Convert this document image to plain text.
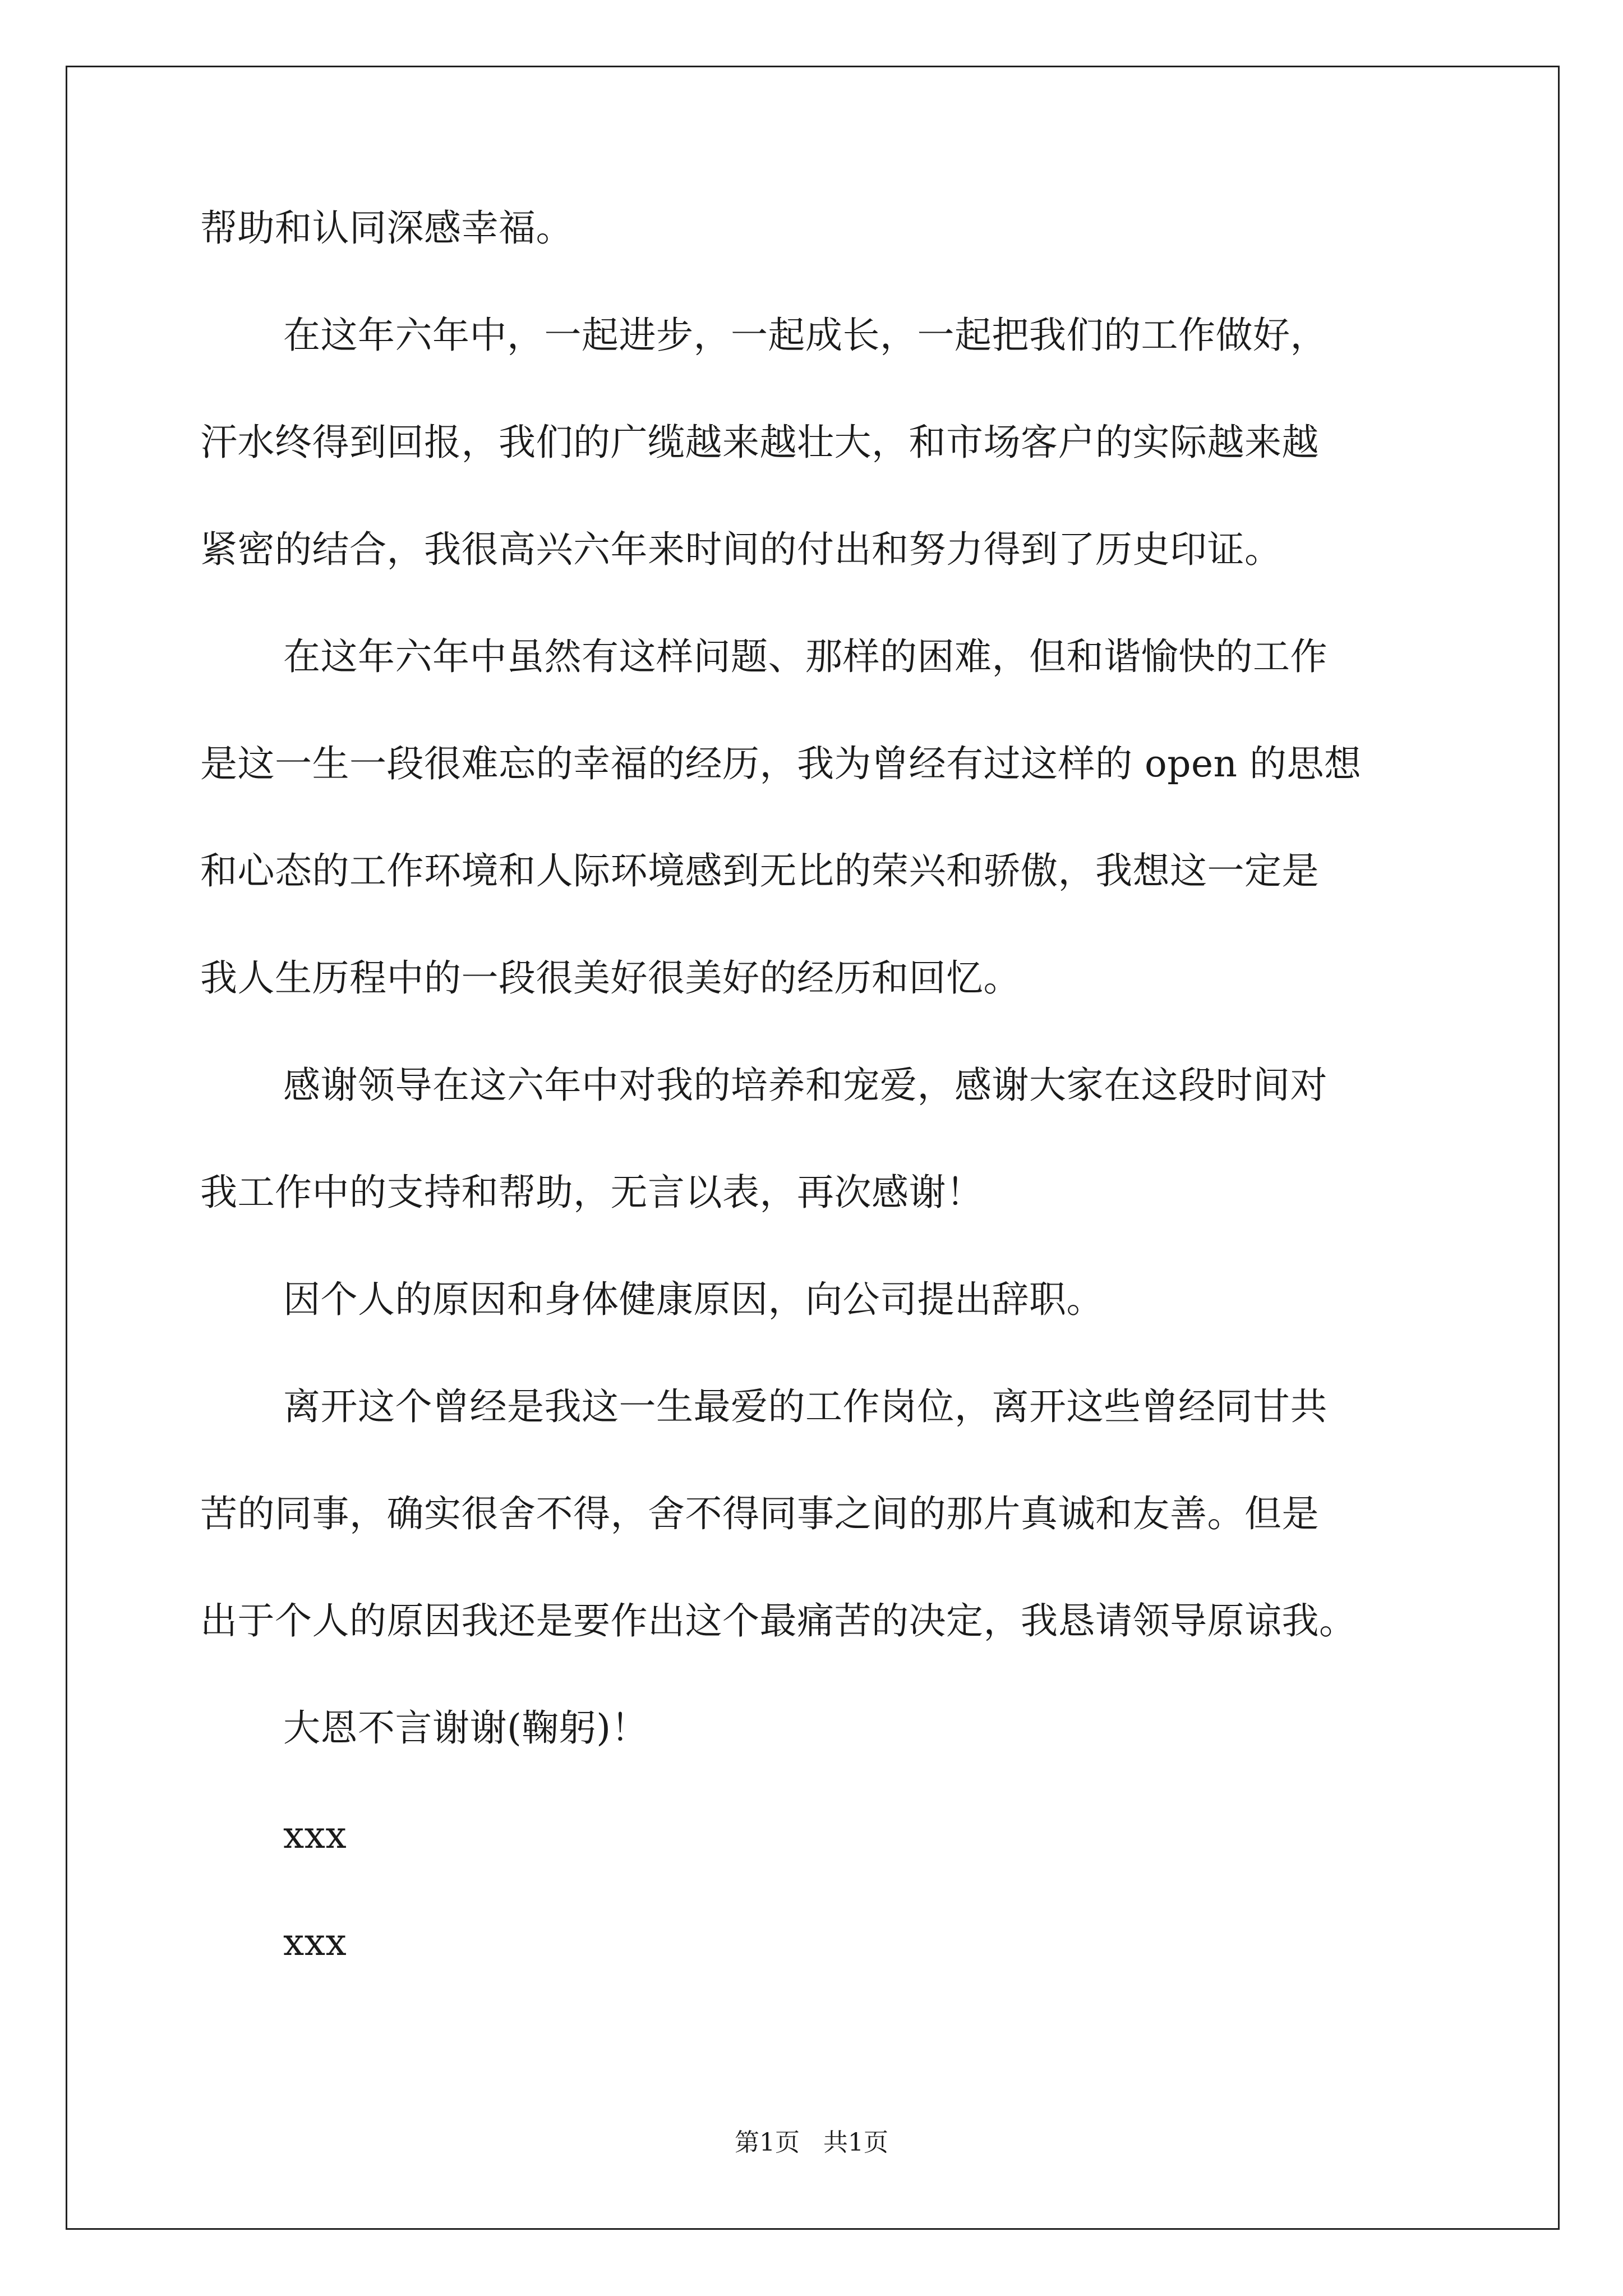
帮助和认同深感幸福。
在这年六年中，一起进步，一起成长，一起把我们的工作做好，
汗水终得到回报，我们的广缆越来越壮大，和市场客户的实际越来越
紧密的结合，我很高兴六年来时间的付出和努力得到了历史印证。
在这年六年中虽然有这样问题、那样的困难，但和谐愉快的工作
是这一生一段很难忘的幸福的经历，我为曾经有过这样的 open 的思想
和心态的工作环境和人际环境感到无比的荣兴和骄傲，我想这一定是
我人生历程中的一段很美好很美好的经历和回忆。
感谢领导在这六年中对我的培养和宠爱，感谢大家在这段时间对
我工作中的支持和帮助，无言以表，再次感谢！
因个人的原因和身体健康原因，向公司提出辞职。
离开这个曾经是我这一生最爱的工作岗位，离开这些曾经同甘共
苦的同事，确实很舍不得，舍不得同事之间的那片真诚和友善。但是
出于个人的原因我还是要作出这个最痛苦的决定，我恳请领导原谅我。
大恩不言谢谢(鞠躬)！
xxx
xxx
第1页 共1页
